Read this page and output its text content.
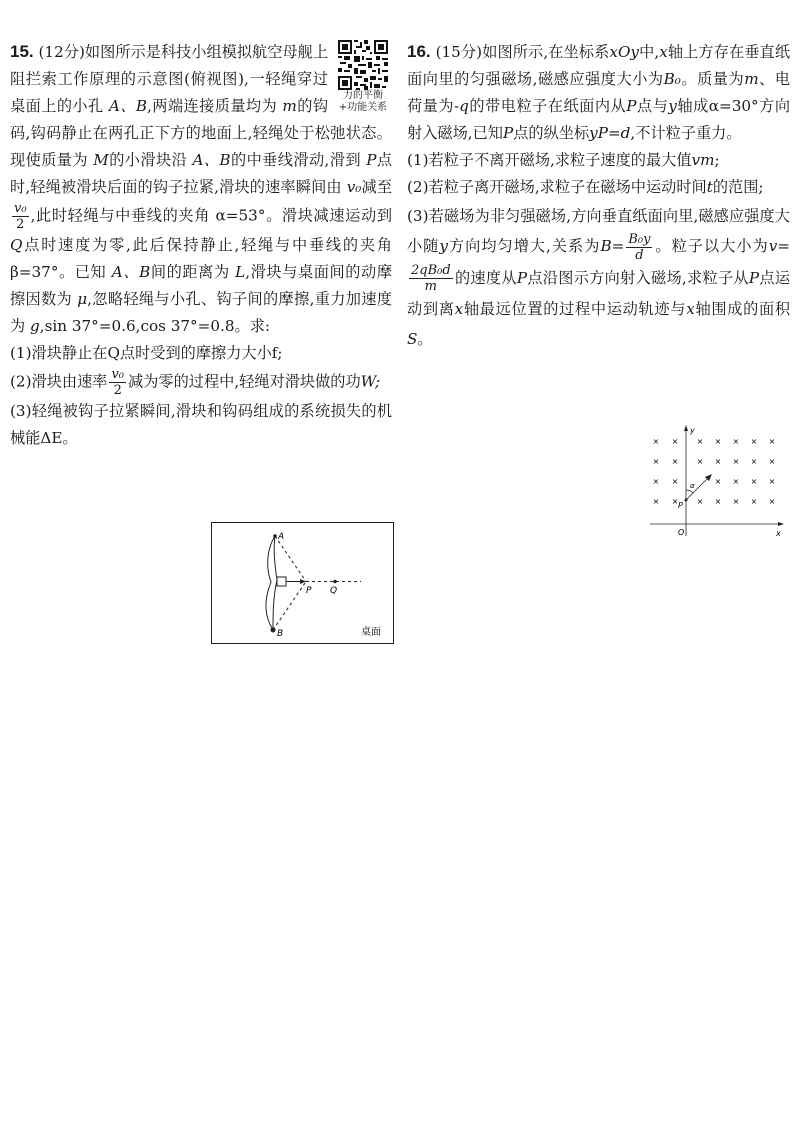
力的平衡+功能关系

15. (12分)如图所示是科技小组模拟航空母舰上阻拦索工作原理的示意图(俯视图),一轻绳穿过桌面上的小孔 A、B,两端连接质量均为 m的钩码,钩码静止在两孔正下方的地面上,轻绳处于松弛状态。现使质量为 M的小滑块沿 A、B的中垂线滑动,滑到 P点时,轻绳被滑块后面的钩子拉紧,滑块的速率瞬间由 v₀减至
$\frac{\text{v₀}}{2}$ ,此时轻绳与中垂线的夹角 α=53°。滑块减速运动到 Q点时速度为零,此后保持静止,轻绳与中垂线的夹角 β=37°。已知 A、B间的距离为 L,滑块与桌面间的动摩擦因数为 μ,忽略轻绳与小孔、钩子间的摩擦,重力加速度为 g,sin 37°=0.6,cos 37°=0.8。求:

(1)滑块静止在Q点时受到的摩擦力大小f;

(2)滑块由速率 $\frac{\text{v₀}}{2}$ 减为零的过程中,轻绳对滑块做的功W;

(3)轻绳被钩子拉紧瞬间,滑块和钩码组成的系统损失的机械能ΔE。

A
B
P Q
桌面

16. (15分)如图所示,在坐标系xOy中,x轴上方存在垂直纸面向里的匀强磁场,磁感应强度大小为B₀。质量为m、电荷量为-q的带电粒子在纸面内从P点与y轴成α=30°方向射入磁场,已知P点的纵坐标yP=d,不计粒子重力。

(1)若粒子不离开磁场,求粒子速度的最大值vm;

(2)若粒子离开磁场,求粒子在磁场中运动时间t的范围;

(3)若磁场为非匀强磁场,方向垂直纸面向里,磁感应强度大小随y方向均匀增大,关系为$B= \frac{\text{B₀y}}{d}$ 。粒子以大小为v=
$\frac{\text{2qB₀d}}{m}$ 的速度从P点沿图示方向射入磁场,求粒子从P点运动到离x轴最远位置的过程中运动轨迹与x轴围成的面积S。

× × × × × × ×
× × × × × × ×
× ×	× × × ×
× × × × × × ×
y
x
O
P
α
